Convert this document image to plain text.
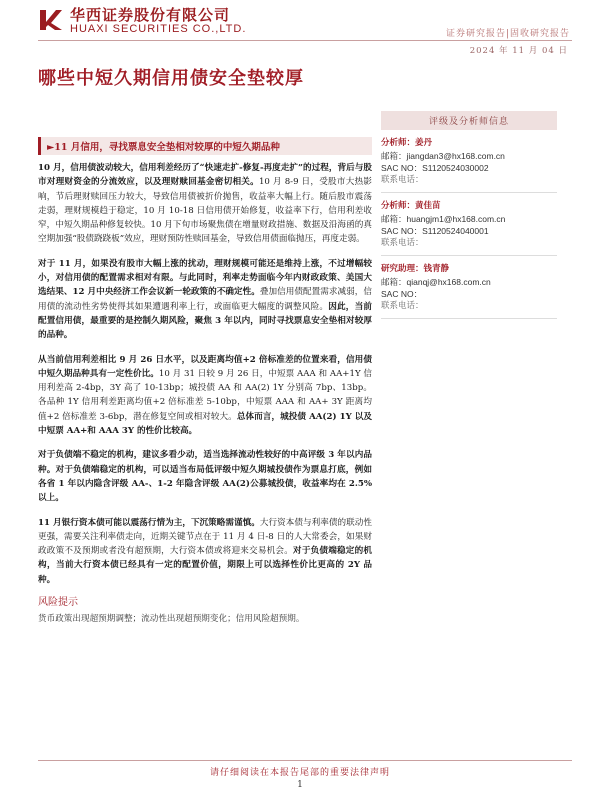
华西证券股份有限公司
HUAXI SECURITIES CO.,LTD.	证券研究报告|固收研究报告
2024 年 11 月 04 日
哪些中短久期信用债安全垫较厚
►11 月信用，寻找票息安全垫相对较厚的中短久期品种

10 月，信用债波动较大，信用利差经历了“快速走扩-修复-再度走扩”的过程，背后与股市对理财资金的分流效应，以及理财赎回基金密切相关。10 月 8-9 日，受股市大热影响，节后理财赎回压力较大，导致信用债被折价抛售，收益率大幅上行。随后股市震荡走弱，理财规模趋于稳定，10 月 10-18 日信用债开始修复，收益率下行，信用利差收窄，中短久期品种修复较快。10 月下旬市场聚焦债在增量财政措施、数据及沿海函的真空期加强“股债跷跷板”效应，理财预防性赎回基金，导致信用债面临抛压，再度走弱。

对于 11 月，如果没有股市大幅上涨的扰动，理财规模可能还是维持上涨，不过增幅较小，对信用债的配置需求相对有限。与此同时，利率走势面临今年内财政政策、美国大选结果、12 月中央经济工作会议新一轮政策的不确定性。叠加信用债配置需求减弱，信用债的流动性劣势使得其如果遭遇利率上行，或面临更大幅度的调整风险。因此，当前配置信用债，最重要的是控制久期风险，聚焦 3 年以内，同时寻找票息安全垫相对较厚的品种。

从当前信用利差相比 9 月 26 日水平，以及距离均值+2 倍标准差的位置来看，信用债中短久期品种具有一定性价比。10 月 31 日较 9 月 26 日，中短票 AAA 和 AA+1Y 信用利差高 2-4bp，3Y 高了 10-13bp；城投债 AA 和 AA(2) 1Y 分别高 7bp、13bp。各品种 1Y 信用利差距离均值+2 倍标准差 5-10bp，中短票 AAA 和 AA+ 3Y 距离均值+2 倍标准差 3-6bp，潜在修复空间或相对较大。总体而言，城投债 AA(2) 1Y 以及中短票 AA+和 AAA 3Y 的性价比较高。

对于负债端不稳定的机构，建议多看少动，适当选择流动性较好的中高评级 3 年以内品种。对于负债端稳定的机构，可以适当布局低评级中短久期城投债作为票息打底，例如各省 1 年以内隐含评级 AA-、1-2 年隐含评级 AA(2)公募城投债，收益率均在 2.5%以上。

11 月银行资本债可能以震荡行情为主，下沉策略需谨慎。大行资本债与利率债的联动性更强，需要关注利率债走向，近期关键节点在于 11 月 4 日-8 日的人大常委会，如果财政政策不及预期或者没有超预期，大行资本债或将迎来交易机会。对于负债端稳定的机构，当前大行资本债已经具有一定的配置价值，期限上可以选择性价比更高的 2Y 品种。

风险提示
货币政策出现超预期调整；流动性出现超预期变化；信用风险超预期。
评级及分析师信息
分析师：姜丹
邮箱：jiangdan3@hx168.com.cn
SAC NO：S1120524030002
联系电话：
分析师：黄佳苗
邮箱：huangjm1@hx168.com.cn
SAC NO：S1120524040001
联系电话：
研究助理：钱青静
邮箱：qianqj@hx168.com.cn
SAC NO：
联系电话：
请仔细阅读在本报告尾部的重要法律声明
1
